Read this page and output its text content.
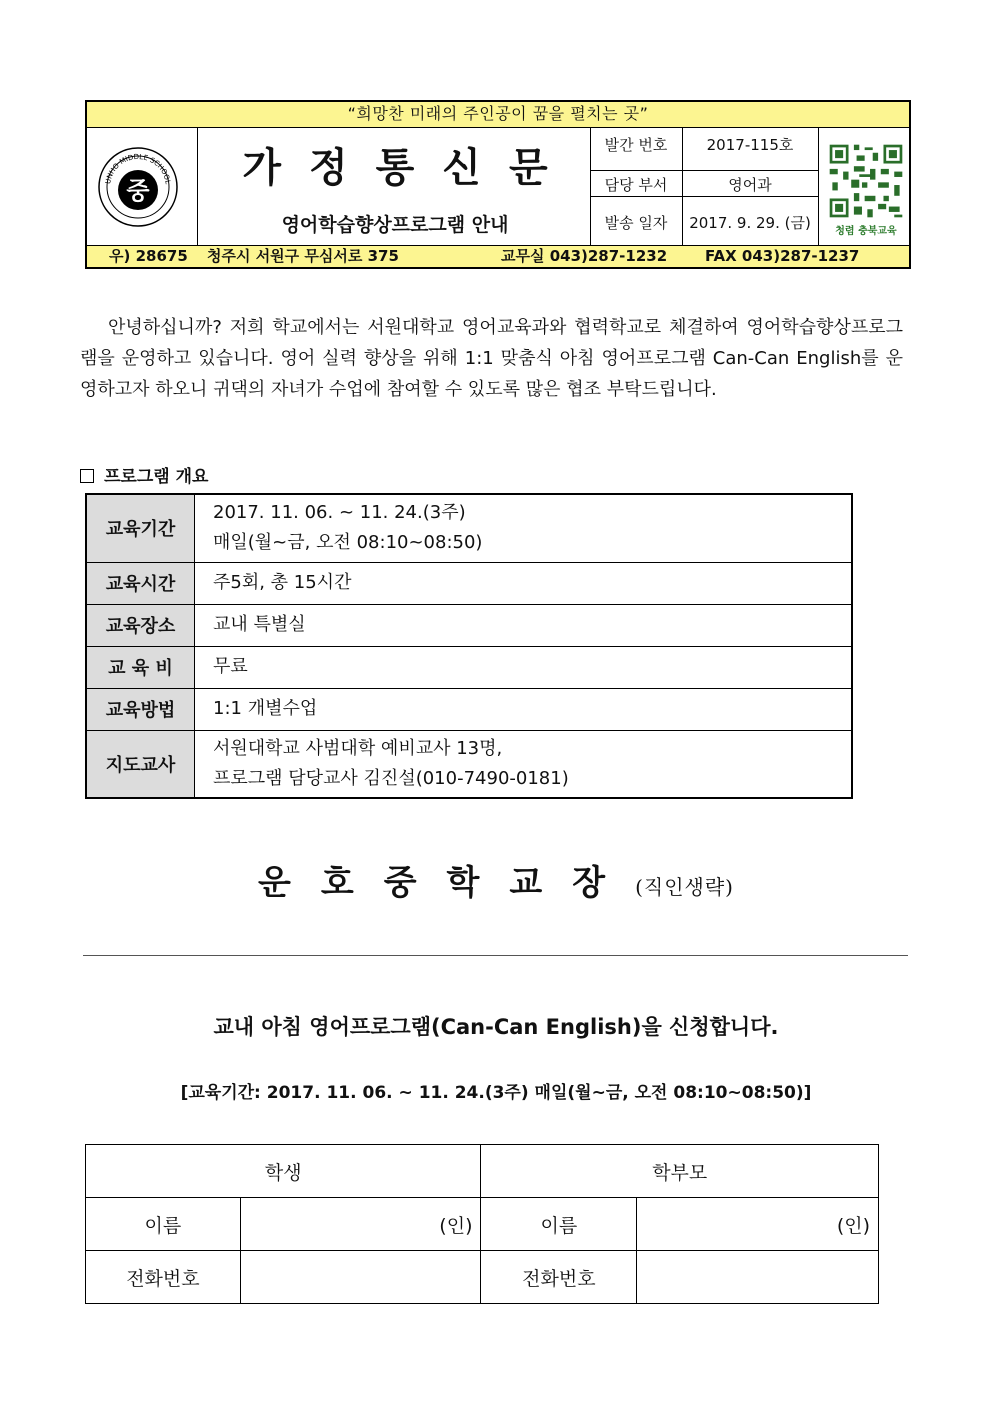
“희망찬 미래의 주인공이 꿈을 펼치는 곳”
UNHO MIDDLE SCHOOL
중	가정통신문
영어학습향상프로그램 안내
발간 번호	2017-115호
담당 부서	영어과
발송 일자	2017. 9. 29. (금)	청렴 충북교육
우) 28675 청주시 서원구 무심서로 375	교무실 043)287-1232	FAX 043)287-1237
안녕하십니까? 저희 학교에서는 서원대학교 영어교육과와 협력학교로 체결하여 영어학습향상프로그램을 운영하고 있습니다. 영어 실력 향상을 위해 1:1 맞춤식 아침 영어프로그램 Can-Can English를 운영하고자 하오니 귀댁의 자녀가 수업에 참여할 수 있도록 많은 협조 부탁드립니다.
프로그램 개요
교육기간	2017. 11. 06. ~ 11. 24.(3주)
매일(월~금, 오전 08:10~08:50)

교육시간	주5회, 총 15시간
교육장소	교내 특별실
교 육 비	무료
교육방법	1:1 개별수업
지도교사	서원대학교 사범대학 예비교사 13명,
프로그램 담당교사 김진설(010-7490-0181)
운호중학교장(직인생략)
교내 아침 영어프로그램(Can-Can English)을 신청합니다.
[교육기간: 2017. 11. 06. ~ 11. 24.(3주) 매일(월~금, 오전 08:10~08:50)]
학생		학부모	
이름	(인)	이름	(인)
전화번호		전화번호	
